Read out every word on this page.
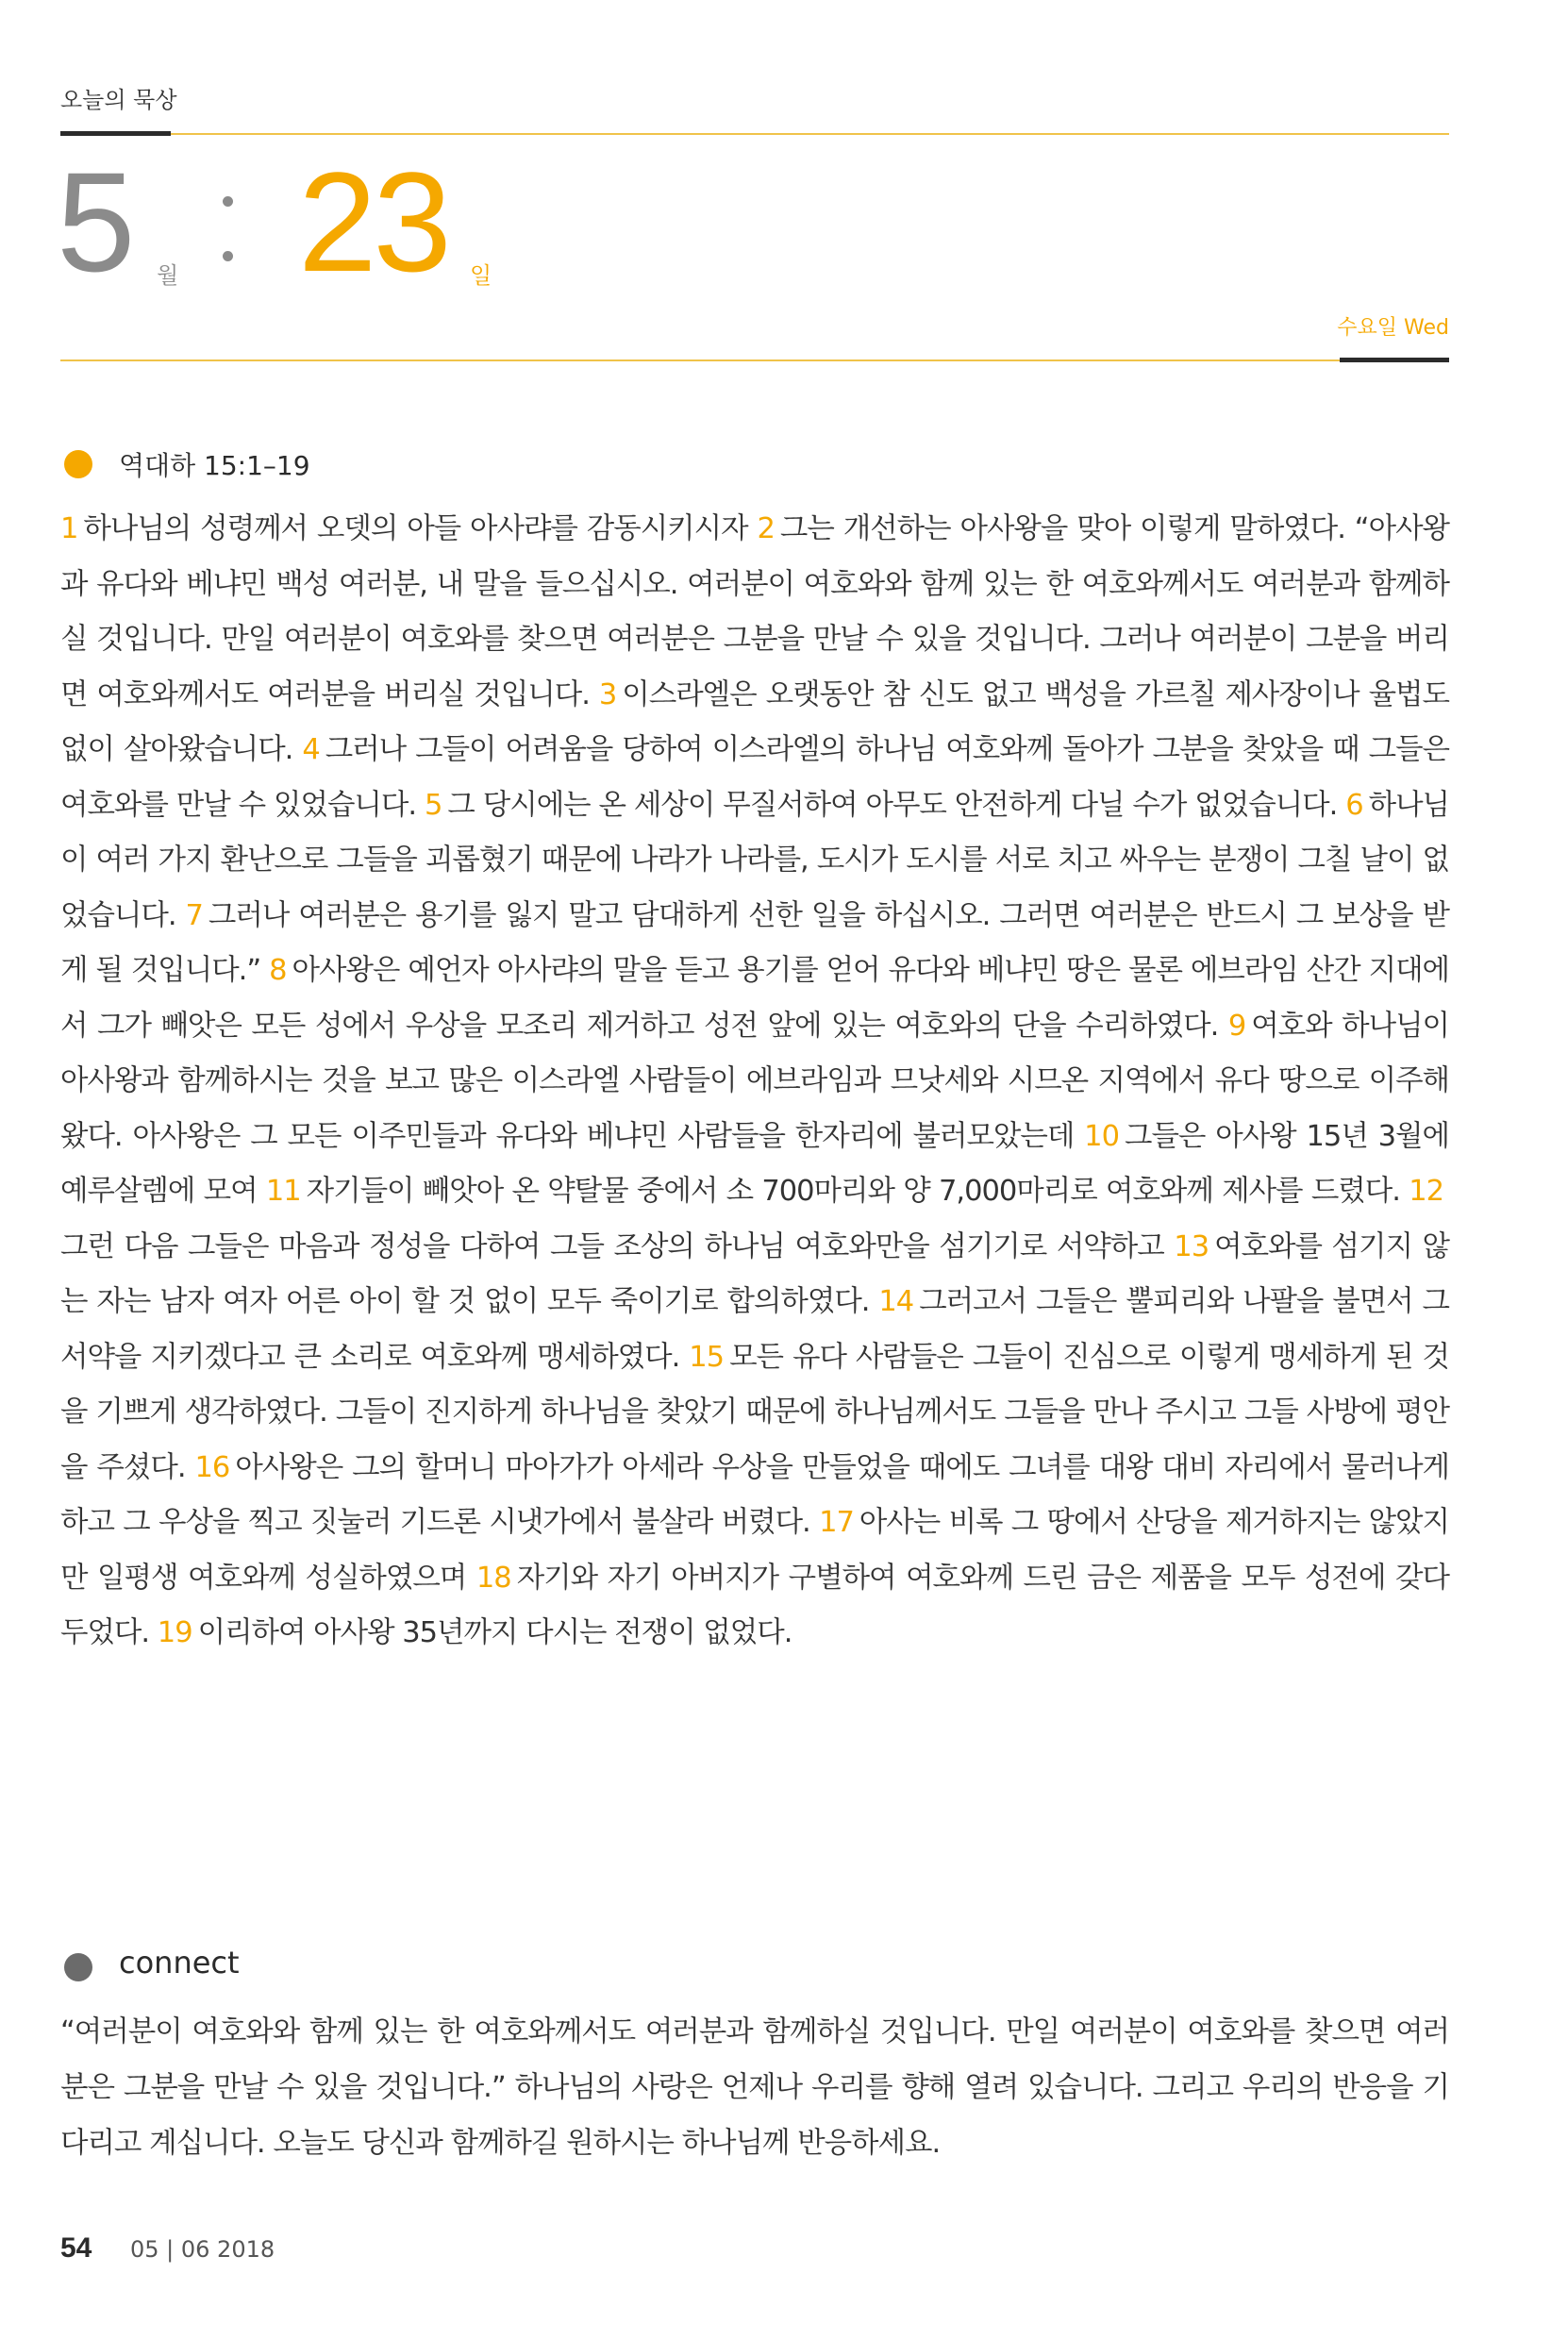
오늘의 묵상
5 월 23 일
수요일 Wed
역대하 15:1–19
1 하나님의 성령께서 오뎃의 아들 아사랴를 감동시키시자 2 그는 개선하는 아사왕을 맞아 이렇게 말하였다. “아사왕과 유다와 베냐민 백성 여러분, 내 말을 들으십시오. 여러분이 여호와와 함께 있는 한 여호와께서도 여러분과 함께하실 것입니다. 만일 여러분이 여호와를 찾으면 여러분은 그분을 만날 수 있을 것입니다. 그러나 여러분이 그분을 버리면 여호와께서도 여러분을 버리실 것입니다. 3 이스라엘은 오랫동안 참 신도 없고 백성을 가르칠 제사장이나 율법도 없이 살아왔습니다. 4 그러나 그들이 어려움을 당하여 이스라엘의 하나님 여호와께 돌아가 그분을 찾았을 때 그들은 여호와를 만날 수 있었습니다. 5 그 당시에는 온 세상이 무질서하여 아무도 안전하게 다닐 수가 없었습니다. 6 하나님이 여러 가지 환난으로 그들을 괴롭혔기 때문에 나라가 나라를, 도시가 도시를 서로 치고 싸우는 분쟁이 그칠 날이 없었습니다. 7 그러나 여러분은 용기를 잃지 말고 담대하게 선한 일을 하십시오. 그러면 여러분은 반드시 그 보상을 받게 될 것입니다.” 8 아사왕은 예언자 아사랴의 말을 듣고 용기를 얻어 유다와 베냐민 땅은 물론 에브라임 산간 지대에서 그가 빼앗은 모든 성에서 우상을 모조리 제거하고 성전 앞에 있는 여호와의 단을 수리하였다. 9 여호와 하나님이 아사왕과 함께하시는 것을 보고 많은 이스라엘 사람들이 에브라임과 므낫세와 시므온 지역에서 유다 땅으로 이주해 왔다. 아사왕은 그 모든 이주민들과 유다와 베냐민 사람들을 한자리에 불러모았는데 10 그들은 아사왕 15년 3월에 예루살렘에 모여 11 자기들이 빼앗아 온 약탈물 중에서 소 700마리와 양 7,000마리로 여호와께 제사를 드렸다. 12그런 다음 그들은 마음과 정성을 다하여 그들 조상의 하나님 여호와만을 섬기기로 서약하고 13 여호와를 섬기지 않는 자는 남자 여자 어른 아이 할 것 없이 모두 죽이기로 합의하였다. 14 그러고서 그들은 뿔피리와 나팔을 불면서 그 서약을 지키겠다고 큰 소리로 여호와께 맹세하였다. 15 모든 유다 사람들은 그들이 진심으로 이렇게 맹세하게 된 것을 기쁘게 생각하였다. 그들이 진지하게 하나님을 찾았기 때문에 하나님께서도 그들을 만나 주시고 그들 사방에 평안을 주셨다. 16 아사왕은 그의 할머니 마아가가 아세라 우상을 만들었을 때에도 그녀를 대왕 대비 자리에서 물러나게 하고 그 우상을 찍고 짓눌러 기드론 시냇가에서 불살라 버렸다. 17 아사는 비록 그 땅에서 산당을 제거하지는 않았지만 일평생 여호와께 성실하였으며 18 자기와 자기 아버지가 구별하여 여호와께 드린 금은 제품을 모두 성전에 갖다 두었다. 19 이리하여 아사왕 35년까지 다시는 전쟁이 없었다.
connect
“여러분이 여호와와 함께 있는 한 여호와께서도 여러분과 함께하실 것입니다. 만일 여러분이 여호와를 찾으면 여러분은 그분을 만날 수 있을 것입니다.” 하나님의 사랑은 언제나 우리를 향해 열려 있습니다. 그리고 우리의 반응을 기다리고 계십니다. 오늘도 당신과 함께하길 원하시는 하나님께 반응하세요.
54 05 | 06 2018
